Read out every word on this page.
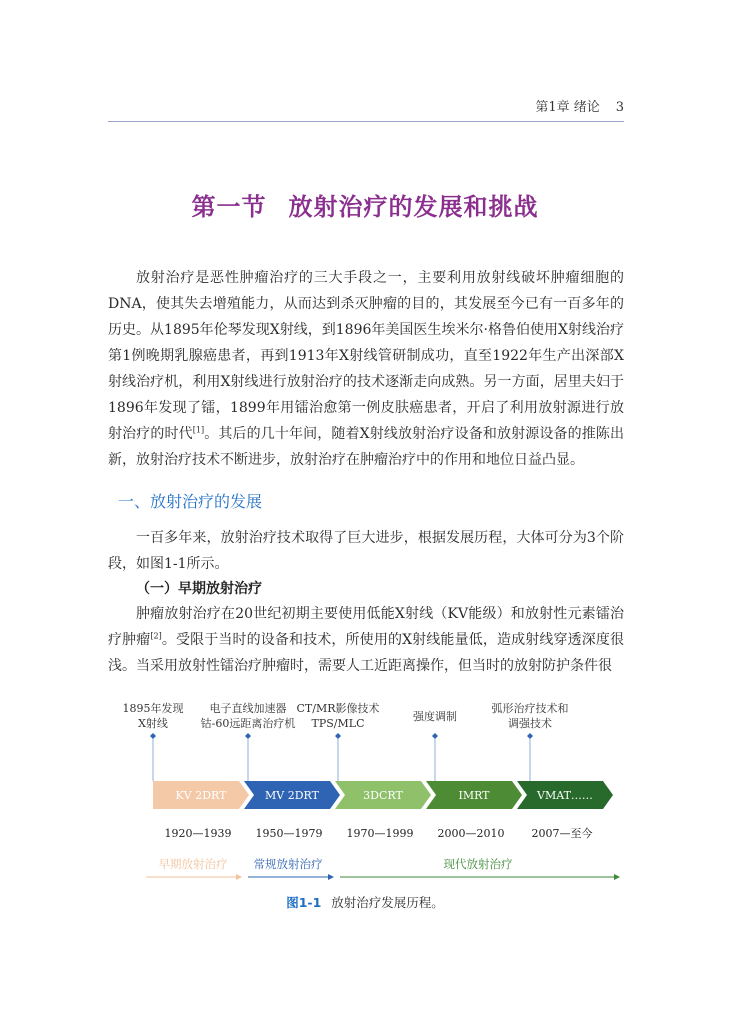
第1章 绪论 3
第一节 放射治疗的发展和挑战

放射治疗是恶性肿瘤治疗的三大手段之一，主要利用放射线破坏肿瘤细胞的DNA，使其失去增殖能力，从而达到杀灭肿瘤的目的，其发展至今已有一百多年的历史。从1895年伦琴发现X射线，到1896年美国医生埃米尔·格鲁伯使用X射线治疗第1例晚期乳腺癌患者，再到1913年X射线管研制成功，直至1922年生产出深部X射线治疗机，利用X射线进行放射治疗的技术逐渐走向成熟。另一方面，居里夫妇于1896年发现了镭，1899年用镭治愈第一例皮肤癌患者，开启了利用放射源进行放射治疗的时代[1]。其后的几十年间，随着X射线放射治疗设备和放射源设备的推陈出新，放射治疗技术不断进步，放射治疗在肿瘤治疗中的作用和地位日益凸显。

一、放射治疗的发展

一百多年来，放射治疗技术取得了巨大进步，根据发展历程，大体可分为3个阶段，如图1-1所示。

（一）早期放射治疗

肿瘤放射治疗在20世纪初期主要使用低能X射线（KV能级）和放射性元素镭治疗肿瘤[2]。受限于当时的设备和技术，所使用的X射线能量低，造成射线穿透深度很浅。当采用放射性镭治疗肿瘤时，需要人工近距离操作，但当时的放射防护条件很

1895年发现
X射线
电子直线加速器
钴-60远距离治疗机
CT/MR影像技术
TPS/MLC
强度调制
弧形治疗技术和
调强技术
KV 2DRT
1920—1939
MV 2DRT
1950—1979
3DCRT
1970—1999
IMRT
2000—2010
VMAT……
2007—至今
早期放射治疗 常规放射治疗	现代放射治疗
图1-1 放射治疗发展历程。
